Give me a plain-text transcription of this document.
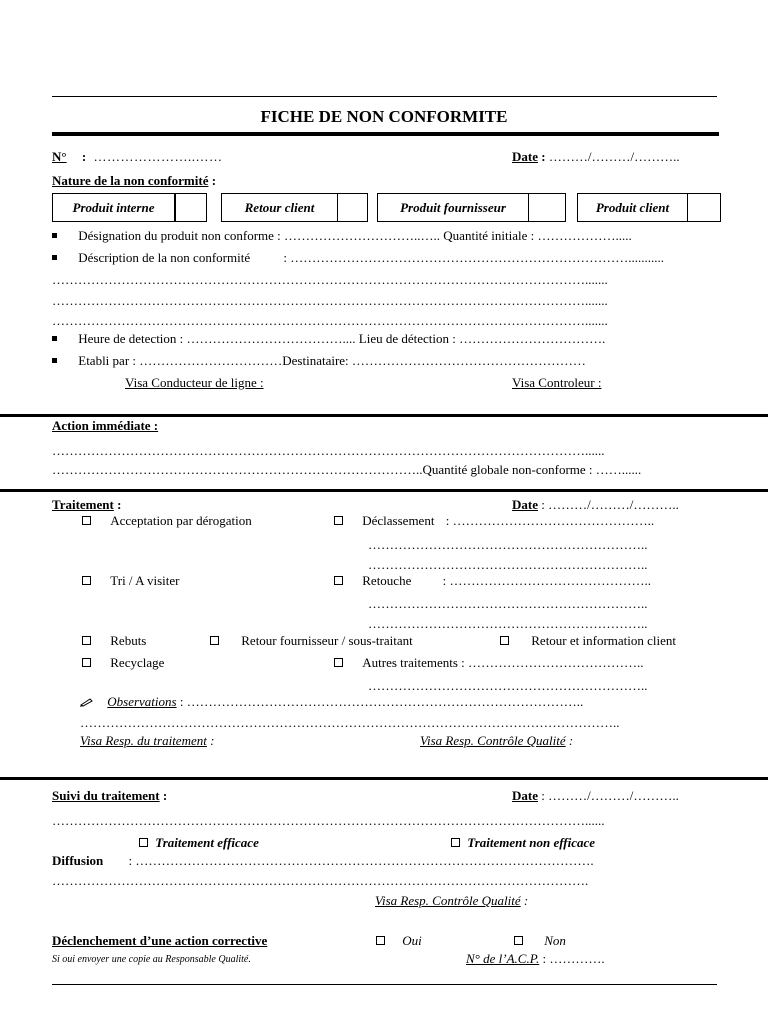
FICHE DE NON CONFORMITE
N° : …………………..……	Date : ………/………/………..
Nature de la non conformité :
Produit interne	Retour client	Produit fournisseur	Produit client
Désignation du produit non conforme : …………………………..….. Quantité initiale : ……………….....
Déscription de la non conformité	: ……………………………………………………………………...........
…………………………………………………………………………………………………………….......
…………………………………………………………………………………………………………….......
…………………………………………………………………………………………………………….......
Heure de detection : ……………………………….... Lieu de détection : …………………………….
Etabli par : ……………………………Destinataire: ………………………………………………
Visa Conducteur de ligne :	Visa Controleur :
Action immédiate :
……………………………………………………………………………………………………………......
…………………………………………………………………………..Quantité globale non-conforme : ……......
Traitement :	Date : ………/………/………..
Acceptation par dérogation	Déclassement : ………………………………………..
………………………………………………………..
………………………………………………………..
Tri / A visiter	Retouche : ………………………………………..
………………………………………………………..
………………………………………………………..
Rebuts	Retour fournisseur / sous-traitant	Retour et information client
Recyclage	Autres traitements : …………………………………..
………………………………………………………..
Observations : ………………………………………………………………………………..
……………………………………………………………………………………………………………..
Visa Resp. du traitement :	Visa Resp. Contrôle Qualité :
Suivi du traitement :	Date : ………/………/………..
……………………………………………………………………………………………………………......
Traitement efficace	Traitement non efficace
Diffusion : …………………………………………………………………………………………….
…………………………………………………………………………………………………………….
Visa Resp. Contrôle Qualité :
Déclenchement d’une action corrective	Oui	Non
Si oui envoyer une copie au Responsable Qualité.	N° de l’A.C.P. : ………….
